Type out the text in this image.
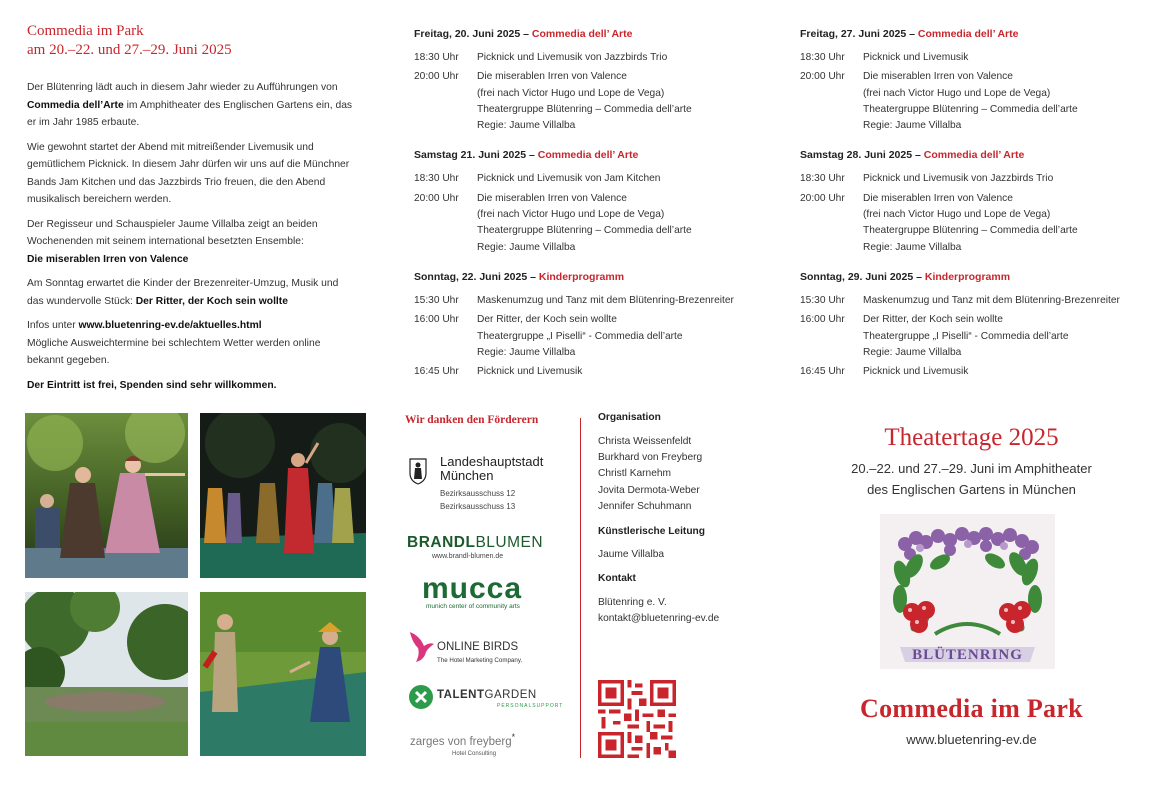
Commedia im Park
am 20.–22. und 27.–29. Juni 2025
Der Blütenring lädt auch in diesem Jahr wieder zu Aufführungen von Commedia dell’Arte im Amphitheater des Englischen Gartens ein, das er im Jahr 1985 erbaute.
Wie gewohnt startet der Abend mit mitreißender Livemusik und gemütlichem Picknick. In diesem Jahr dürfen wir uns auf die Münchner Bands Jam Kitchen und das Jazzbirds Trio freuen, die den Abend musikalisch bereichern werden.
Der Regisseur und Schauspieler Jaume Villalba zeigt an beiden Wochenenden mit seinem international besetzten Ensemble:
Die miserablen Irren von Valence
Am Sonntag erwartet die Kinder der Brezenreiter-Umzug, Musik und das wundervolle Stück: Der Ritter, der Koch sein wollte
Infos unter www.bluetenring-ev.de/aktuelles.html
Mögliche Ausweichtermine bei schlechtem Wetter werden online bekannt gegeben.
Der Eintritt ist frei, Spenden sind sehr willkommen.
Freitag, 20. Juni 2025 – Commedia dell’ Arte
18:30 Uhr	Picknick und Livemusik von Jazzbirds Trio
20:00 Uhr	Die miserablen Irren von Valence
(frei nach Victor Hugo und Lope de Vega)
Theatergruppe Blütenring – Commedia dell’arte
Regie: Jaume Villalba
Samstag 21. Juni 2025 – Commedia dell’ Arte
18:30 Uhr	Picknick und Livemusik von Jam Kitchen
20:00 Uhr	Die miserablen Irren von Valence
(frei nach Victor Hugo und Lope de Vega)
Theatergruppe Blütenring – Commedia dell’arte
Regie: Jaume Villalba
Sonntag, 22. Juni 2025 – Kinderprogramm
15:30 Uhr	Maskenumzug und Tanz mit dem Blütenring-Brezenreiter
16:00 Uhr	Der Ritter, der Koch sein wollte
Theatergruppe „I Piselli“ - Commedia dell’arte
Regie: Jaume Villalba
16:45 Uhr	Picknick und Livemusik
Freitag, 27. Juni 2025 – Commedia dell’ Arte
18:30 Uhr	Picknick und Livemusik
20:00 Uhr	Die miserablen Irren von Valence
(frei nach Victor Hugo und Lope de Vega)
Theatergruppe Blütenring – Commedia dell’arte
Regie: Jaume Villalba
Samstag 28. Juni 2025 – Commedia dell’ Arte
18:30 Uhr	Picknick und Livemusik von Jazzbirds Trio
20:00 Uhr	Die miserablen Irren von Valence
(frei nach Victor Hugo und Lope de Vega)
Theatergruppe Blütenring – Commedia dell’arte
Regie: Jaume Villalba
Sonntag, 29. Juni 2025 – Kinderprogramm
15:30 Uhr	Maskenumzug und Tanz mit dem Blütenring-Brezenreiter
16:00 Uhr	Der Ritter, der Koch sein wollte
Theatergruppe „I Piselli“ - Commedia dell’arte
Regie: Jaume Villalba
16:45 Uhr	Picknick und Livemusik
Wir danken den Förderern
Landeshauptstadt
München
Bezirksausschuss 12
Bezirksausschuss 13
BRANDLBLUMEN
www.brandl-blumen.de
mucca
munich center of community arts
ONLINE BIRDS
The Hotel Marketing Company.
TALENTGARDEN
PERSONALSUPPORT
zarges von freyberg*
Hotel Consulting
Organisation
Christa Weissenfeldt
Burkhard von Freyberg
Christl Karnehm
Jovita Dermota-Weber
Jennifer Schuhmann
Künstlerische Leitung
Jaume Villalba
Kontakt
Blütenring e. V.
kontakt@bluetenring-ev.de
Theatertage 2025
20.–22. und 27.–29. Juni im Amphitheater
des Englischen Gartens in München
BLÜTENRING
Commedia im Park
www.bluetenring-ev.de
